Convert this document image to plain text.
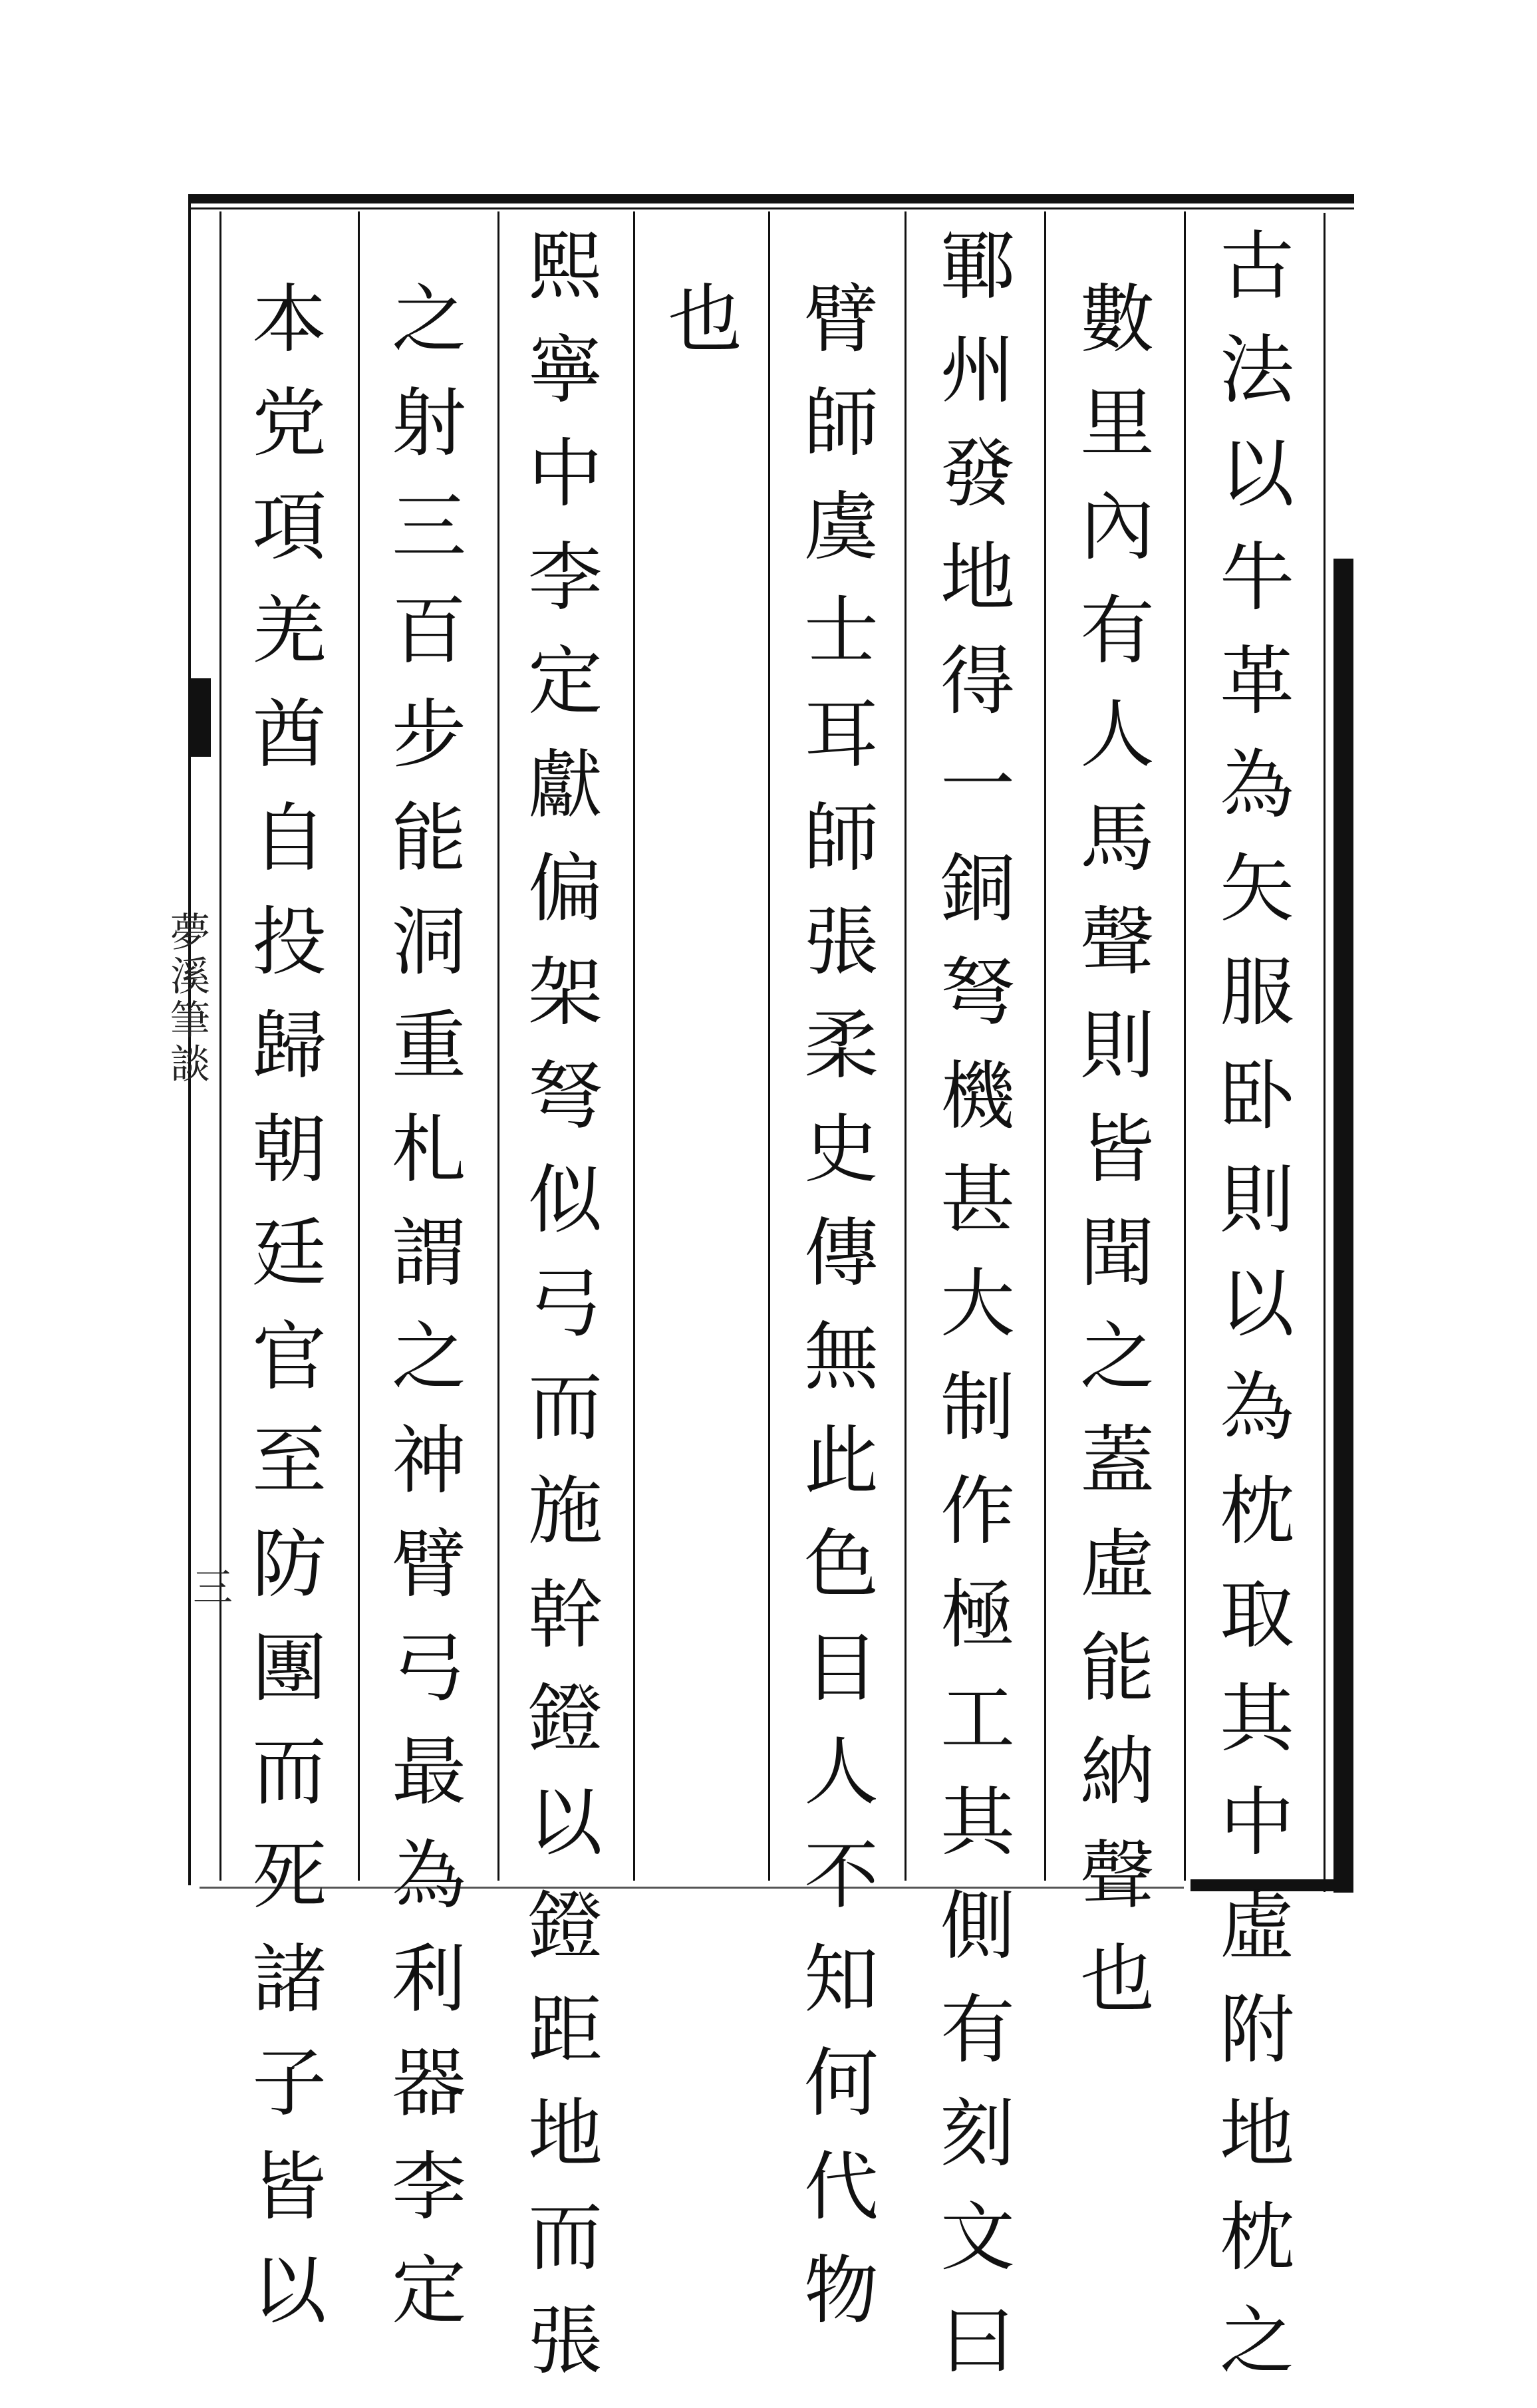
古
法
以
牛
革
為
矢
服
卧
則
以
為
枕
取
其
中
虛
附
地
枕
之
數
里
內
有
人
馬
聲
則
皆
聞
之
蓋
虛
能
納
聲
也
鄆
州
發
地
得
一
銅
弩
機
甚
大
制
作
極
工
其
側
有
刻
文
曰
臂
師
虞
士
耳
師
張
柔
史
傳
無
此
色
目
人
不
知
何
代
物
也
熙
寧
中
李
定
獻
偏
架
弩
似
弓
而
施
幹
鐙
以
鐙
距
地
而
張
之
射
三
百
步
能
洞
重
札
謂
之
神
臂
弓
最
為
利
器
李
定
本
党
項
羌
酋
自
投
歸
朝
廷
官
至
防
團
而
死
諸
子
皆
以
夢溪筆談
三
